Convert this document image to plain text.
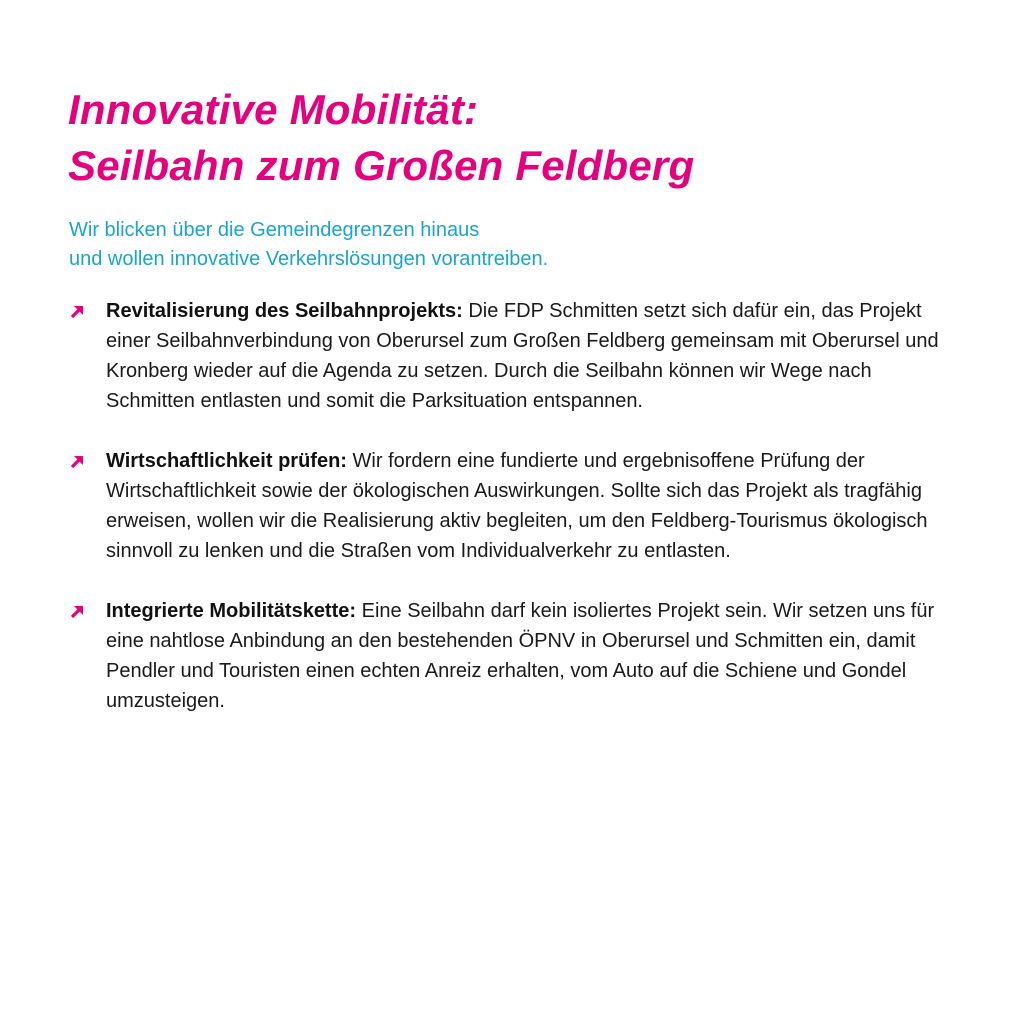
Innovative Mobilität:
Seilbahn zum Großen Feldberg

Wir blicken über die Gemeindegrenzen hinaus
und wollen innovative Verkehrslösungen vorantreiben.

Revitalisierung des Seilbahnprojekts: Die FDP Schmitten setzt sich dafür ein, das Projekt einer Seilbahnverbindung von Oberursel zum Großen Feldberg gemeinsam mit Oberursel und Kronberg wieder auf die Agenda zu setzen. Durch die Seilbahn können wir Wege nach Schmitten entlasten und somit die Parksituation entspannen.
Wirtschaftlichkeit prüfen: Wir fordern eine fundierte und ergebnisoffene Prüfung der Wirtschaftlichkeit sowie der ökologischen Auswirkungen. Sollte sich das Projekt als tragfähig erweisen, wollen wir die Realisierung aktiv begleiten, um den Feldberg-Tourismus ökologisch sinnvoll zu lenken und die Straßen vom Individualverkehr zu entlasten.
Integrierte Mobilitätskette: Eine Seilbahn darf kein isoliertes Projekt sein. Wir setzen uns für eine nahtlose Anbindung an den bestehenden ÖPNV in Oberursel und Schmitten ein, damit Pendler und Touristen einen echten Anreiz erhalten, vom Auto auf die Schiene und Gondel umzusteigen.
